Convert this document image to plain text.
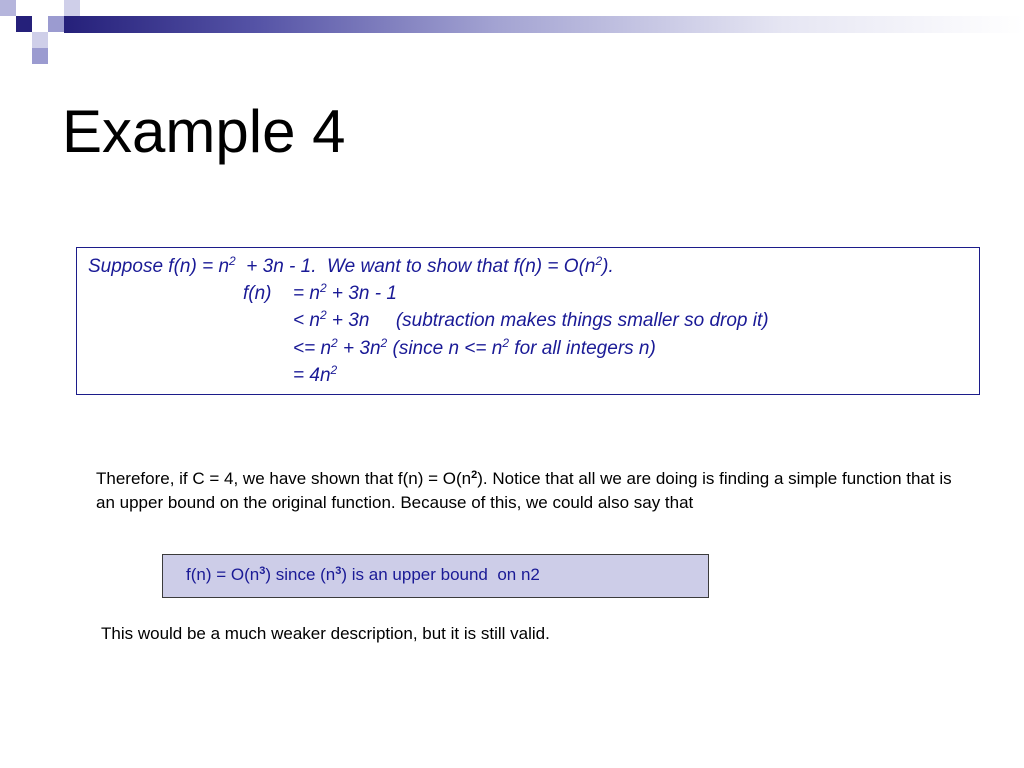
Example 4
Suppose $f(n) = n^2 + 3n - 1$.  We want to show that $f(n) = O(n^2)$.
$f(n) = n^2 + 3n - 1$
< $n^2 + 3n$     (subtraction makes things smaller so drop it)
<= $n^2 + 3n^2$ (since $n <= n^2$ for all integers n)
= $4n^2$
Therefore, if C = 4, we have shown that $f(n) = O(n^2)$. Notice that all we are doing is finding a simple function that is an upper bound on the original function. Because of this, we could also say that
$f(n) = O(n^3)$ since $(n^3)$ is an upper bound  on n2
This would be a much weaker description, but it is still valid.
